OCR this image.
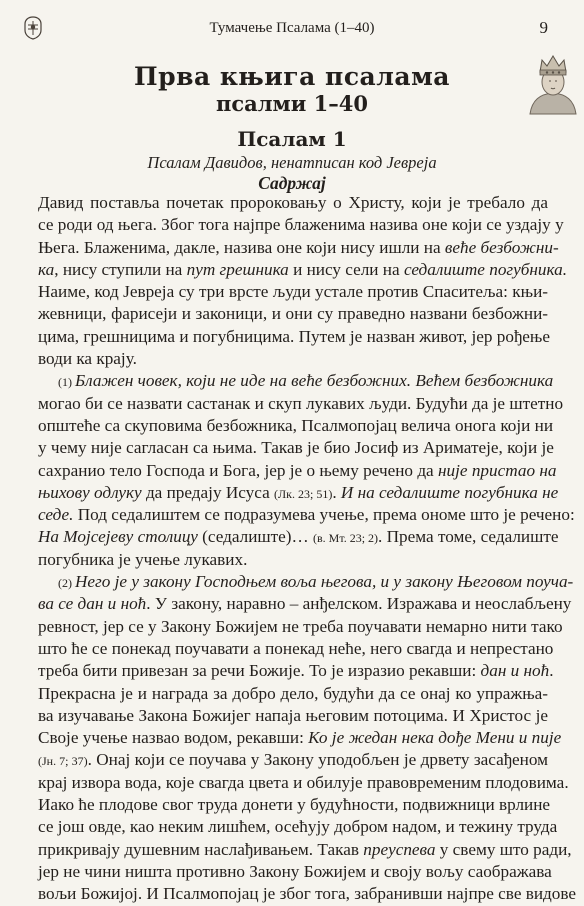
Тумачење Псалама (1–40)	9
Прва књига псалама
псалми 1–40
Псалам 1
Псалам Давидов, ненатписан код Јевреја
Садржај
Давид поставља почетак пророковању о Христу, који је требало да
се роди од њега. Због тога најпре блаженима назива оне који се уздају у
Њега. Блаженима, дакле, назива оне који нису ишли на веће безбожни-
ка, нису ступили на пут грешника и нису сели на седалиште погубника.
Наиме, код Јевреја су три врсте људи устале против Спаситеља: књи-
жевници, фарисеји и законици, и они су праведно названи безбожни-
цима, грешницима и погубницима. Путем је назван живот, јер рођење
води ка крају.
(1) Блажен човек, који не иде на веће безбожних. Већем безбожника
могао би се назвати састанак и скуп лукавих људи. Будући да је штетно
општеће са скуповима безбожника, Псалмопојац велича онога који ни
у чему није сагласан са њима. Такав је био Јосиф из Ариматеје, који је
сахранио тело Господа и Бога, јер је о њему речено да није пристао на
њихову одлуку да предају Исуса (Лк. 23; 51). И на седалиште погубника не
седе. Под седалиштем се подразумева учење, према ономе што је речено:
На Мојсејеву столицу (седалиште)… (в. Мт. 23; 2). Према томе, седалиште
погубника је учење лукавих.
(2) Него је у закону Господњем воља његова, и у закону Његовом поуча-
ва се дан и ноћ. У закону, наравно – анђелском. Изражава и неослабљену
ревност, јер се у Закону Божијем не треба поучавати немарно нити тако
што ће се понекад поучавати а понекад неће, него свагда и непрестано
треба бити привезан за речи Божије. То је изразио рекавши: дан и ноћ.
Прекрасна је и награда за добро дело, будући да се онај ко упражња-
ва изучавање Закона Божијег напаја његовим потоцима. И Христос је
Своје учење назвао водом, рекавши: Ко је жедан нека дође Мени и пије
(Јн. 7; 37). Онај који се поучава у Закону уподобљен је дрвету засађеном
крај извора вода, које свагда цвета и обилује правовременим плодовима.
Иако ће плодове свог труда донети у будућности, подвижници врлине
се још овде, као неким лишћем, осећују добром надом, и тежину труда
прикривају душевним наслађивањем. Такав преуспева у свему што ради,
јер не чини ништа противно Закону Божијем и своју вољу саображава
вољи Божијој. И Псалмопојац је због тога, забранивши најпре све видове
